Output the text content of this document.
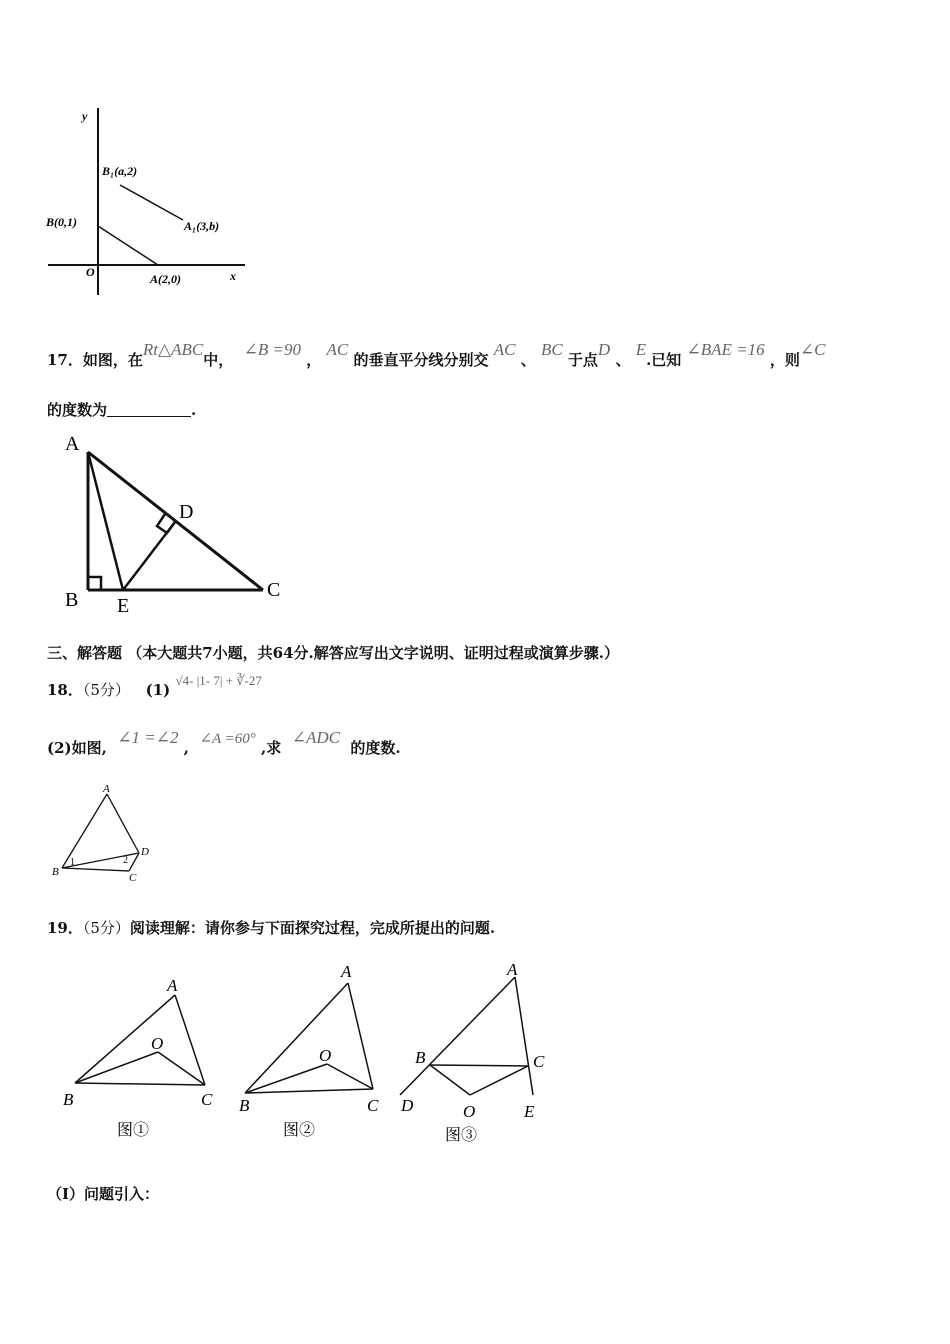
y
x
O
B₁(a,2)
A₁(3,b)
B(0,1)
A(2,0)
17．如图，在Rt△ABC中，  ∠B =90 ， AC 的垂直平分线分别交 AC 、 BC 于点D 、 E.已知 ∠BAE =16 ，则∠C
的度数为	.
A
B	C
D
E
三、解答题 （本大题共7小题，共64分.解答应写出文字说明、证明过程或演算步骤.）
18．（5分） (1) √4- |1- 7| + ∛-27
(2)如图,  ∠1 =∠2 , ∠A =60° ,求  ∠ADC  的度数.
A
B	C
D
1	2
19．（5分）阅读理解：请你参与下面探究过程，完成所提出的问题.
A
O
B	C
图①
A
O
B	C
图②
A
B	C
D	O	E
图③
（I）问题引入：
